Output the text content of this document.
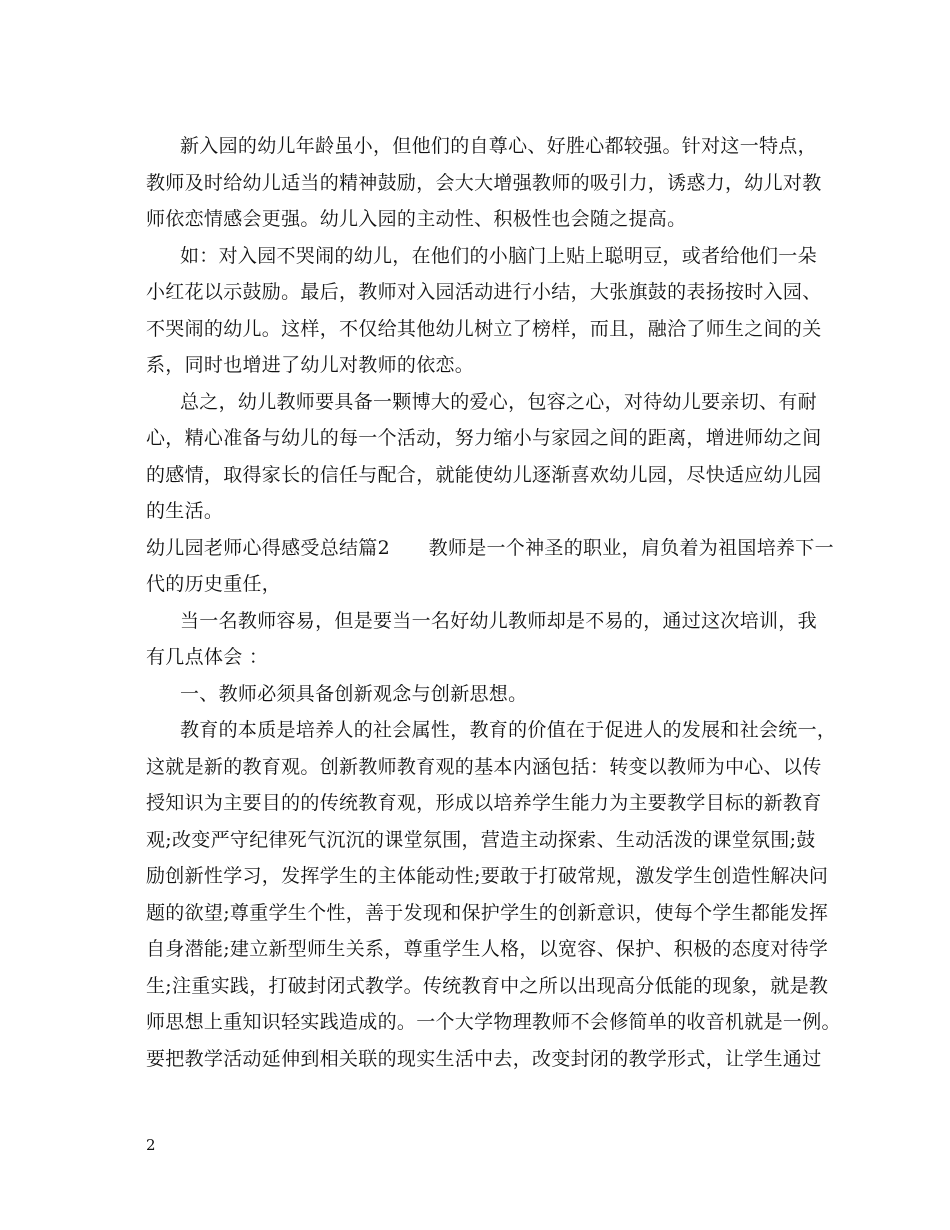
新入园的幼儿年龄虽小，但他们的自尊心、好胜心都较强。针对这一特点，
教师及时给幼儿适当的精神鼓励，会大大增强教师的吸引力，诱惑力，幼儿对教
师依恋情感会更强。幼儿入园的主动性、积极性也会随之提高。
如：对入园不哭闹的幼儿，在他们的小脑门上贴上聪明豆，或者给他们一朵
小红花以示鼓励。最后，教师对入园活动进行小结，大张旗鼓的表扬按时入园、
不哭闹的幼儿。这样，不仅给其他幼儿树立了榜样，而且，融洽了师生之间的关
系，同时也增进了幼儿对教师的依恋。
总之，幼儿教师要具备一颗博大的爱心，包容之心，对待幼儿要亲切、有耐
心，精心准备与幼儿的每一个活动，努力缩小与家园之间的距离，增进师幼之间
的感情，取得家长的信任与配合，就能使幼儿逐渐喜欢幼儿园，尽快适应幼儿园
的生活。
幼儿园老师心得感受总结篇2　　教师是一个神圣的职业，肩负着为祖国培养下一
代的历史重任，
当一名教师容易，但是要当一名好幼儿教师却是不易的，通过这次培训，我
有几点体会 ：
一、教师必须具备创新观念与创新思想。
教育的本质是培养人的社会属性，教育的价值在于促进人的发展和社会统一，
这就是新的教育观。创新教师教育观的基本内涵包括：转变以教师为中心、以传
授知识为主要目的的传统教育观，形成以培养学生能力为主要教学目标的新教育
观;改变严守纪律死气沉沉的课堂氛围，营造主动探索、生动活泼的课堂氛围;鼓
励创新性学习，发挥学生的主体能动性;要敢于打破常规，激发学生创造性解决问
题的欲望;尊重学生个性，善于发现和保护学生的创新意识，使每个学生都能发挥
自身潜能;建立新型师生关系，尊重学生人格，以宽容、保护、积极的态度对待学
生;注重实践，打破封闭式教学。传统教育中之所以出现高分低能的现象，就是教
师思想上重知识轻实践造成的。一个大学物理教师不会修简单的收音机就是一例。
要把教学活动延伸到相关联的现实生活中去，改变封闭的教学形式，让学生通过
2
